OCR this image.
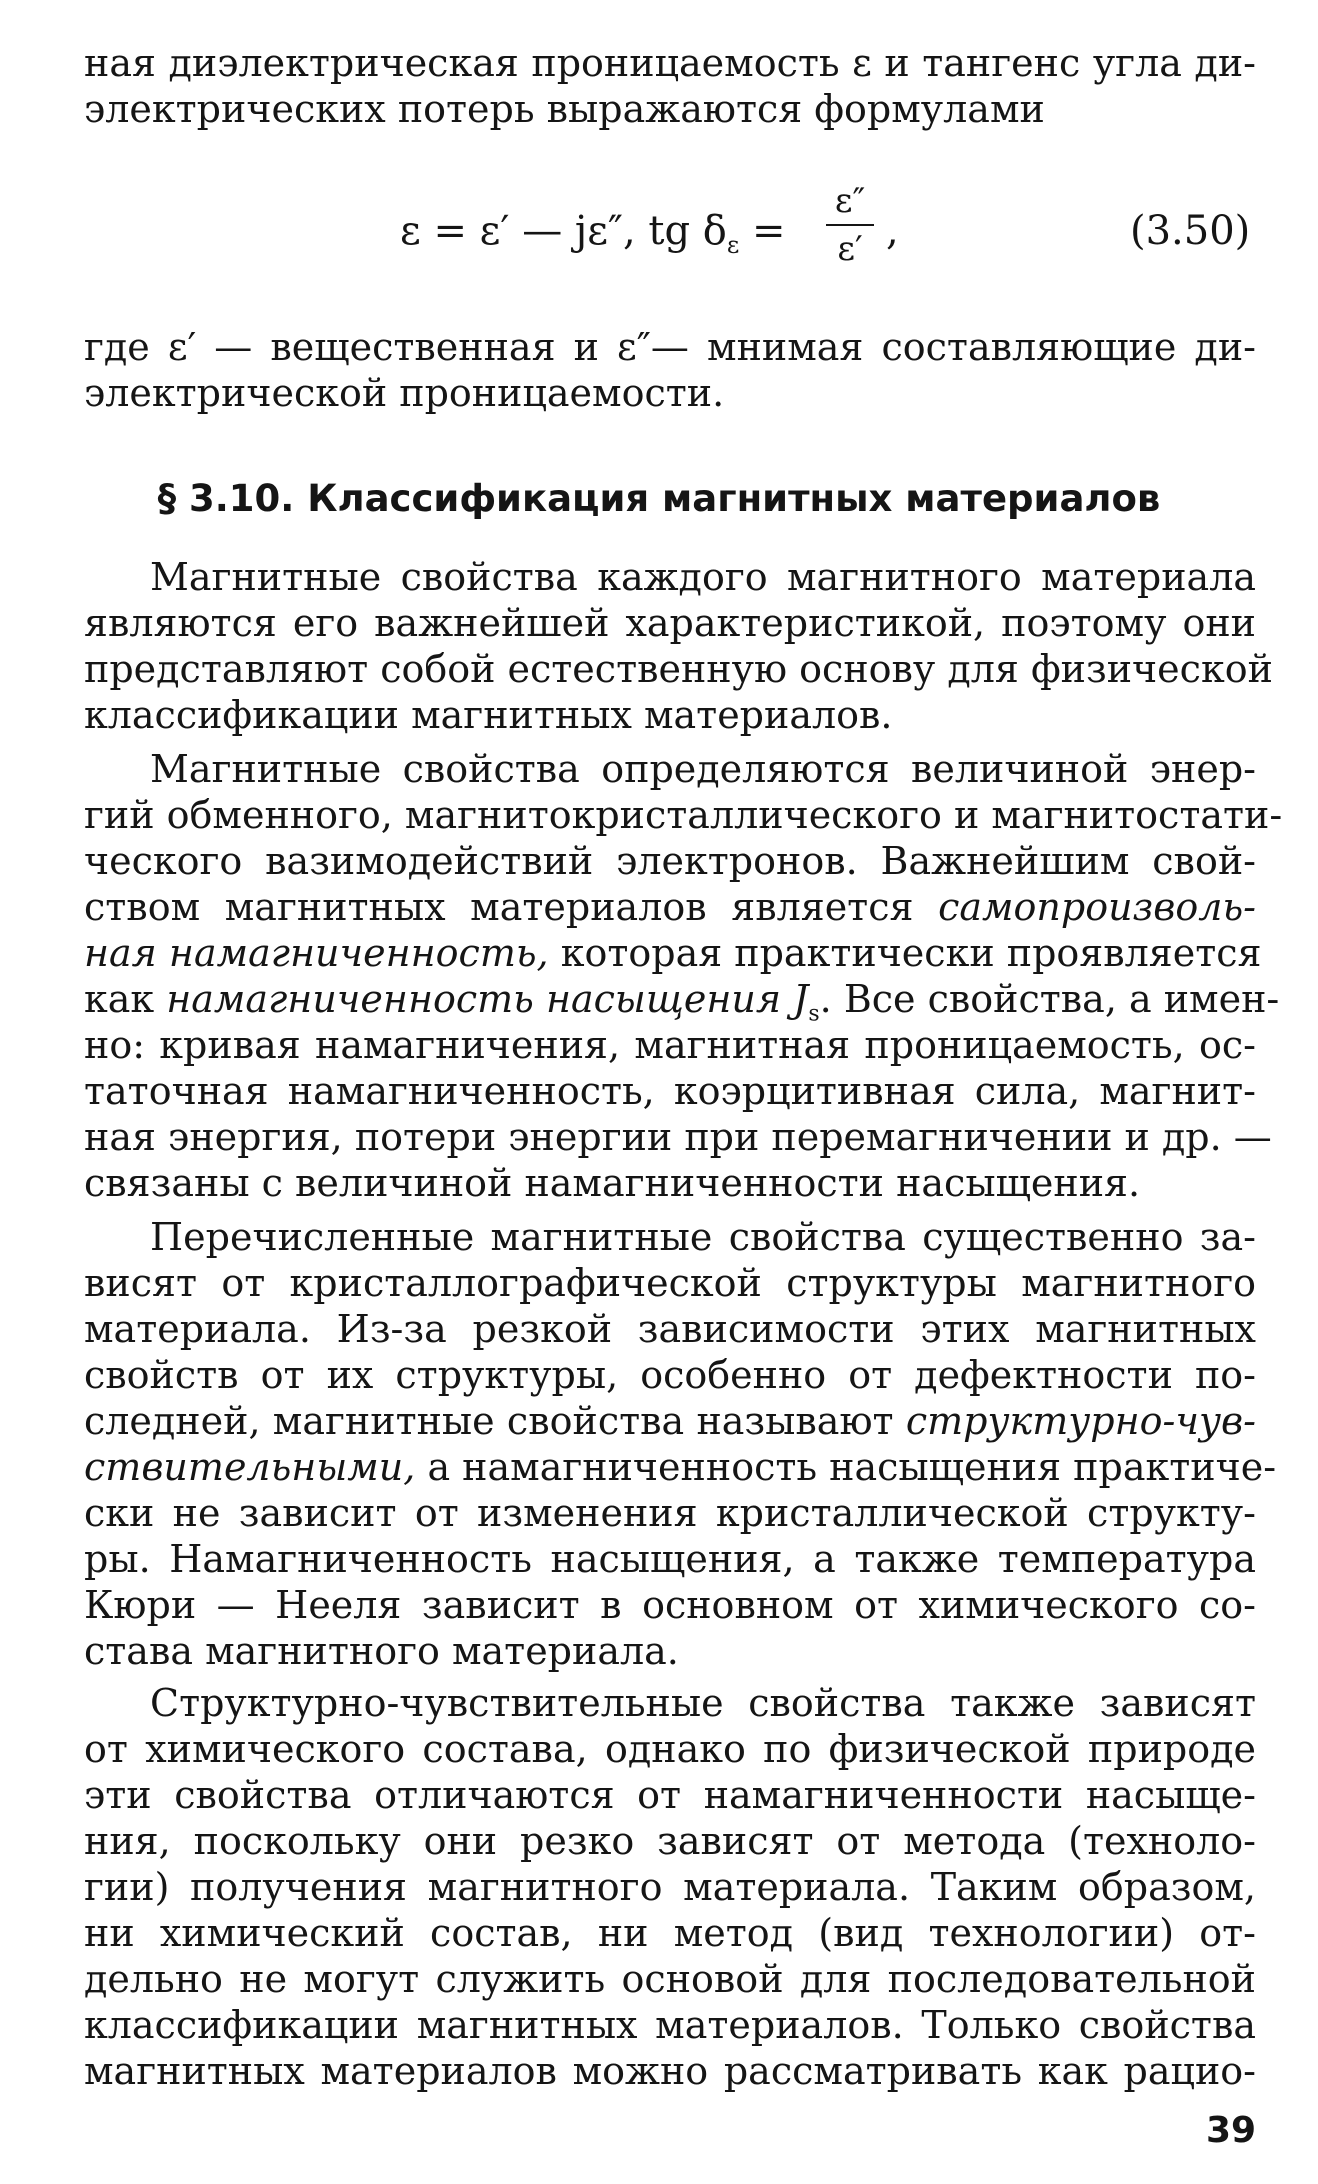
ная диэлектрическая проницаемость ε и тангенс угла ди-
электрических потерь выражаются формулами
ε = ε′ — jε″, tg $\delta_\varepsilon$ =
ε″
ε′ ,	(3.50)
где ε′ — вещественная и ε″— мнимая составляющие ди-
электрической проницаемости.
§ 3.10. Классификация магнитных материалов
Магнитные свойства каждого магнитного материала
являются его важнейшей характеристикой, поэтому они
представляют собой естественную основу для физической
классификации магнитных материалов.
Магнитные свойства определяются величиной энер-
гий обменного, магнитокристаллического и магнитостати-
ческого вазимодействий электронов. Важнейшим свой-
ством магнитных материалов является самопроизволь-
ная намагниченность, которая практически проявляется
как намагниченность насыщения $J_s$. Все свойства, а имен-
но: кривая намагничения, магнитная проницаемость, ос-
таточная намагниченность, коэрцитивная сила, магнит-
ная энергия, потери энергии при перемагничении и др. —
связаны с величиной намагниченности насыщения.
Перечисленные магнитные свойства существенно за-
висят от кристаллографической структуры магнитного
материала. Из-за резкой зависимости этих магнитных
свойств от их структуры, особенно от дефектности по-
следней, магнитные свойства называют структурно-чув-
ствительными, а намагниченность насыщения практиче-
ски не зависит от изменения кристаллической структу-
ры. Намагниченность насыщения, а также температура
Кюри — Нееля зависит в основном от химического со-
става магнитного материала.
Структурно-чувствительные свойства также зависят
от химического состава, однако по физической природе
эти свойства отличаются от намагниченности насыще-
ния, поскольку они резко зависят от метода (техноло-
гии) получения магнитного материала. Таким образом,
ни химический состав, ни метод (вид технологии) от-
дельно не могут служить основой для последовательной
классификации магнитных материалов. Только свойства
магнитных материалов можно рассматривать как рацио-
39
